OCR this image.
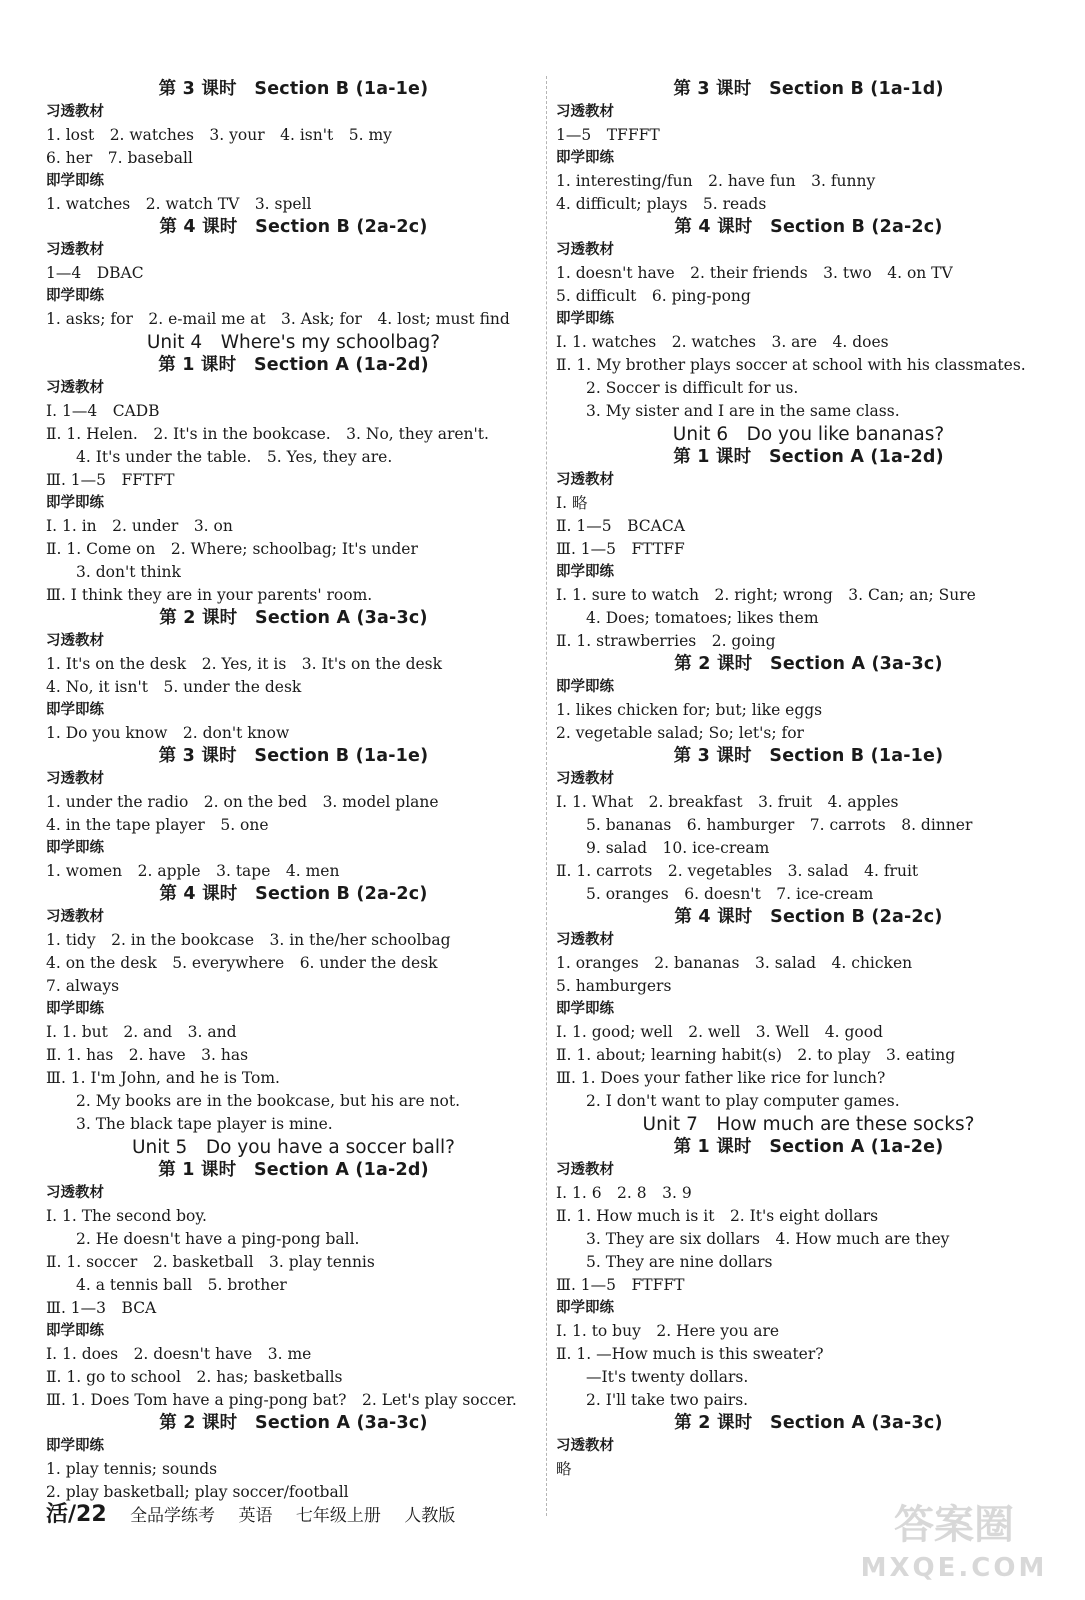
第 3 课时　Section B (1a-1e)
习透教材
1. lost　2. watches　3. your　4. isn't　5. my
6. her　7. baseball
即学即练
1. watches　2. watch TV　3. spell
第 4 课时　Section B (2a-2c)
习透教材
1—4　DBAC
即学即练
1. asks; for　2. e-mail me at　3. Ask; for　4. lost; must find
Unit 4　Where's my schoolbag?
第 1 课时　Section A (1a-2d)
习透教材
Ⅰ. 1—4　CADB
Ⅱ. 1. Helen.　2. It's in the bookcase.　3. No, they aren't.
4. It's under the table.　5. Yes, they are.
Ⅲ. 1—5　FFTFT
即学即练
Ⅰ. 1. in　2. under　3. on
Ⅱ. 1. Come on　2. Where; schoolbag; It's under
3. don't think
Ⅲ. I think they are in your parents' room.
第 2 课时　Section A (3a-3c)
习透教材
1. It's on the desk　2. Yes, it is　3. It's on the desk
4. No, it isn't　5. under the desk
即学即练
1. Do you know　2. don't know
第 3 课时　Section B (1a-1e)
习透教材
1. under the radio　2. on the bed　3. model plane
4. in the tape player　5. one
即学即练
1. women　2. apple　3. tape　4. men
第 4 课时　Section B (2a-2c)
习透教材
1. tidy　2. in the bookcase　3. in the/her schoolbag
4. on the desk　5. everywhere　6. under the desk
7. always
即学即练
Ⅰ. 1. but　2. and　3. and
Ⅱ. 1. has　2. have　3. has
Ⅲ. 1. I'm John, and he is Tom.
2. My books are in the bookcase, but his are not.
3. The black tape player is mine.
Unit 5　Do you have a soccer ball?
第 1 课时　Section A (1a-2d)
习透教材
Ⅰ. 1. The second boy.
2. He doesn't have a ping-pong ball.
Ⅱ. 1. soccer　2. basketball　3. play tennis
4. a tennis ball　5. brother
Ⅲ. 1—3　BCA
即学即练
Ⅰ. 1. does　2. doesn't have　3. me
Ⅱ. 1. go to school　2. has; basketballs
Ⅲ. 1. Does Tom have a ping-pong bat?　2. Let's play soccer.
第 2 课时　Section A (3a-3c)
即学即练
1. play tennis; sounds
2. play basketball; play soccer/football
第 3 课时　Section B (1a-1d)
习透教材
1—5　TFFFT
即学即练
1. interesting/fun　2. have fun　3. funny
4. difficult; plays　5. reads
第 4 课时　Section B (2a-2c)
习透教材
1. doesn't have　2. their friends　3. two　4. on TV
5. difficult　6. ping-pong
即学即练
Ⅰ. 1. watches　2. watches　3. are　4. does
Ⅱ. 1. My brother plays soccer at school with his classmates.
2. Soccer is difficult for us.
3. My sister and I are in the same class.
Unit 6　Do you like bananas?
第 1 课时　Section A (1a-2d)
习透教材
Ⅰ. 略
Ⅱ. 1—5　BCACA
Ⅲ. 1—5　FTTFF
即学即练
Ⅰ. 1. sure to watch　2. right; wrong　3. Can; an; Sure
4. Does; tomatoes; likes them
Ⅱ. 1. strawberries　2. going
第 2 课时　Section A (3a-3c)
即学即练
1. likes chicken for; but; like eggs
2. vegetable salad; So; let's; for
第 3 课时　Section B (1a-1e)
习透教材
Ⅰ. 1. What　2. breakfast　3. fruit　4. apples
5. bananas　6. hamburger　7. carrots　8. dinner
9. salad　10. ice-cream
Ⅱ. 1. carrots　2. vegetables　3. salad　4. fruit
5. oranges　6. doesn't　7. ice-cream
第 4 课时　Section B (2a-2c)
习透教材
1. oranges　2. bananas　3. salad　4. chicken
5. hamburgers
即学即练
Ⅰ. 1. good; well　2. well　3. Well　4. good
Ⅱ. 1. about; learning habit(s)　2. to play　3. eating
Ⅲ. 1. Does your father like rice for lunch?
2. I don't want to play computer games.
Unit 7　How much are these socks?
第 1 课时　Section A (1a-2e)
习透教材
Ⅰ. 1. 6　2. 8　3. 9
Ⅱ. 1. How much is it　2. It's eight dollars
3. They are six dollars　4. How much are they
5. They are nine dollars
Ⅲ. 1—5　FTFFT
即学即练
Ⅰ. 1. to buy　2. Here you are
Ⅱ. 1. —How much is this sweater?
—It's twenty dollars.
2. I'll take two pairs.
第 2 课时　Section A (3a-3c)
习透教材
略
活/22 全品学练考 英语 七年级上册 人教版	答案圈
MXQE.COM
